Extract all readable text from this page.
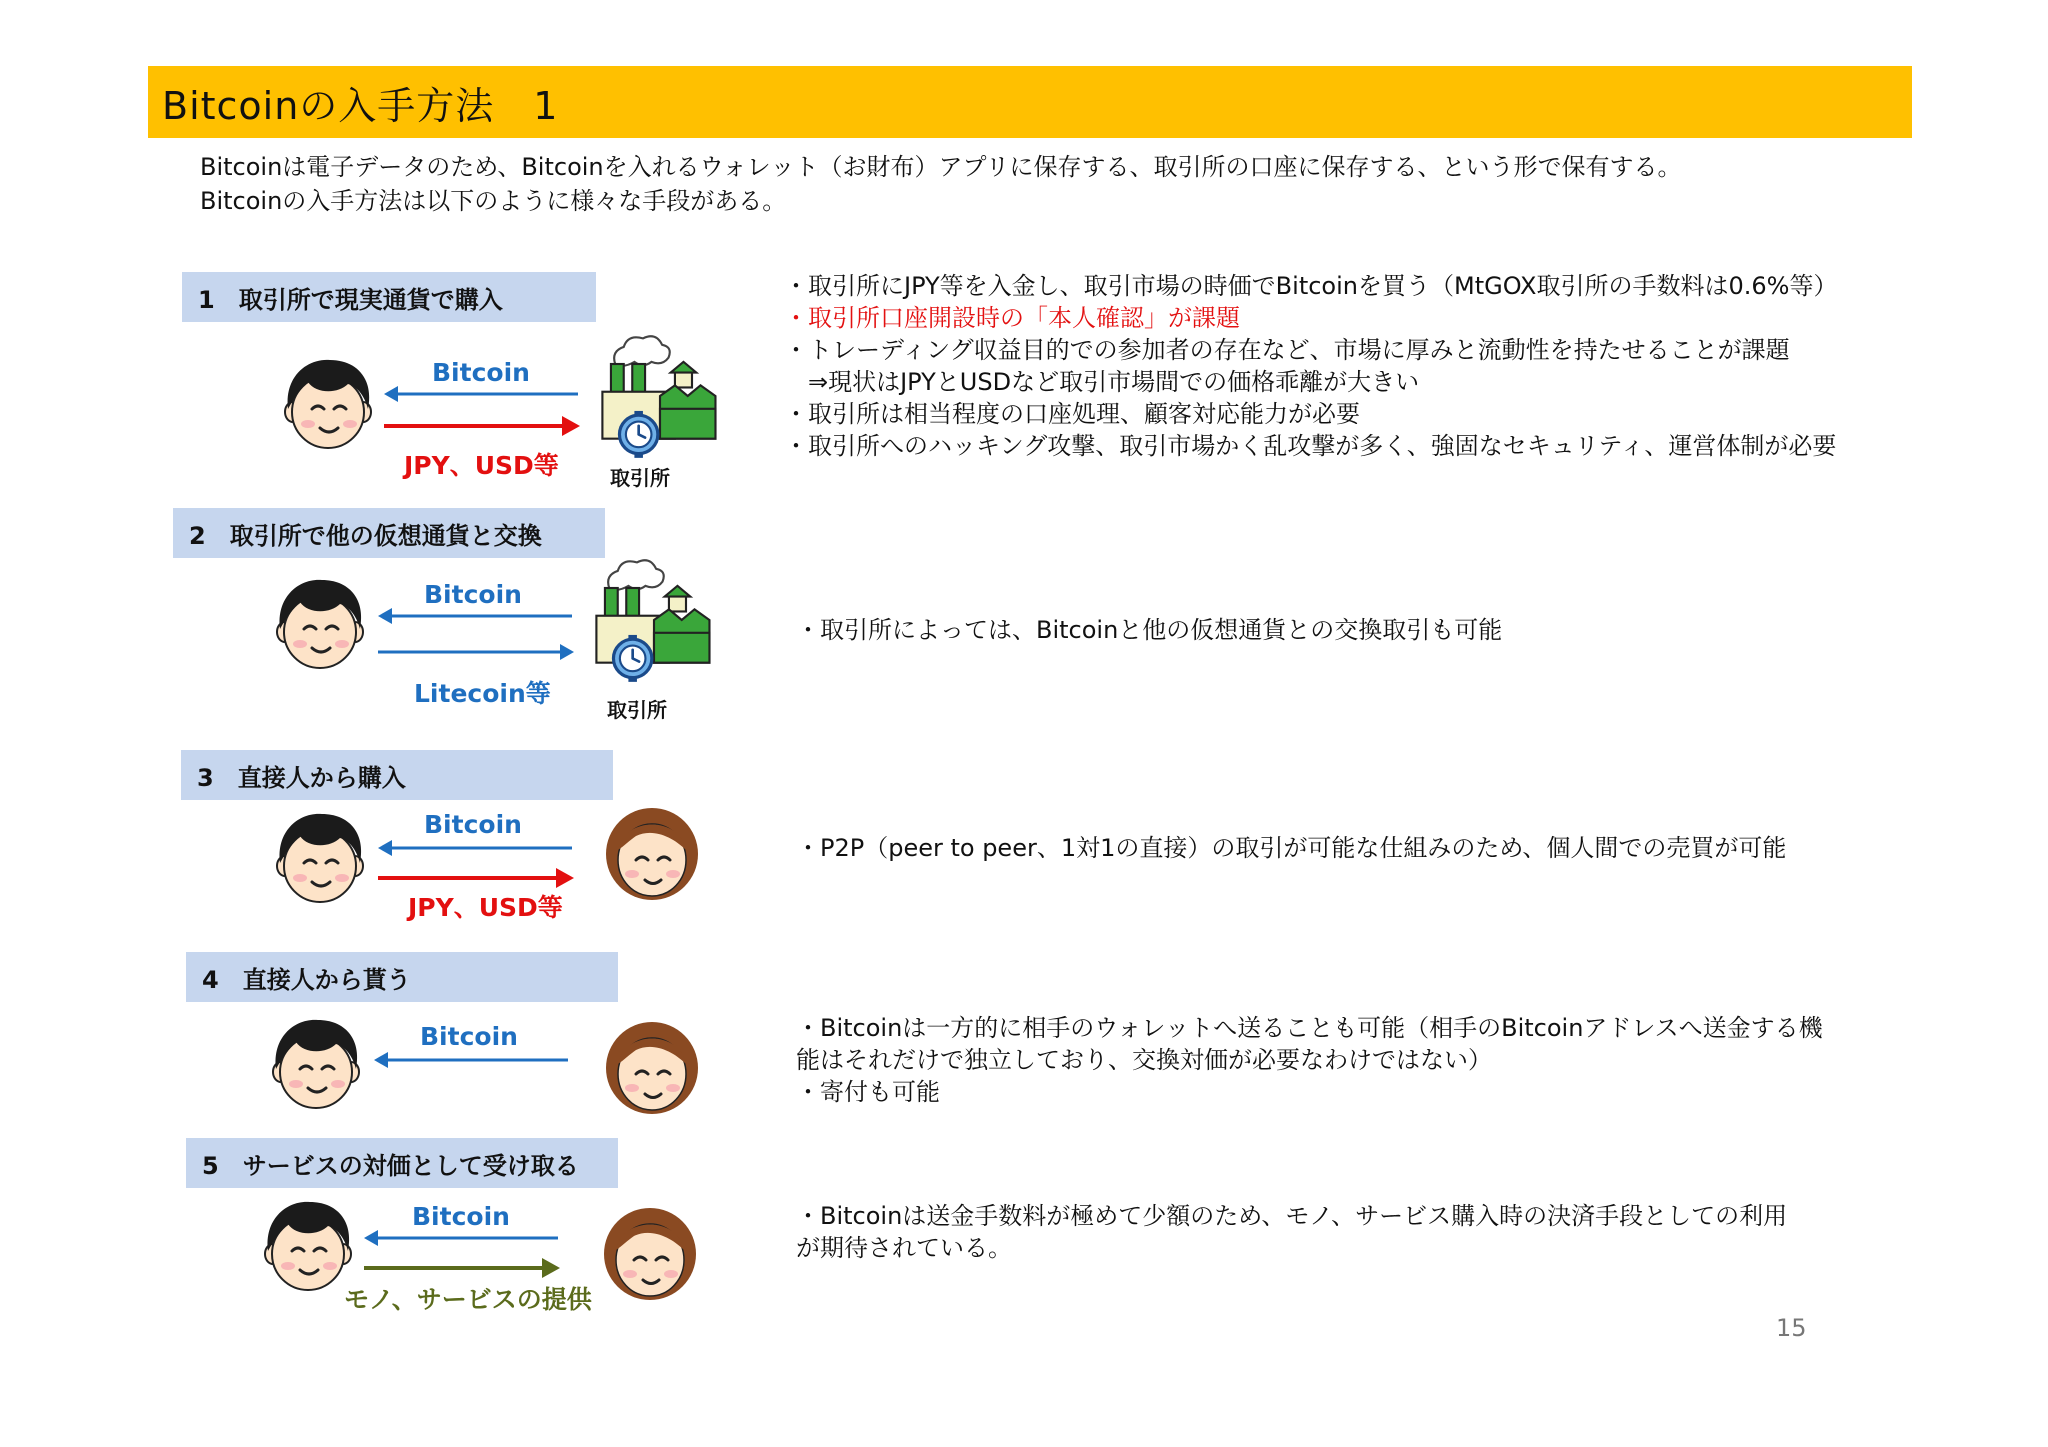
Bitcoinの入手方法　1
Bitcoinは電子データのため、Bitcoinを入れるウォレット（お財布）アプリに保存する、取引所の口座に保存する、という形で保有する。
Bitcoinの入手方法は以下のように様々な手段がある。
1　取引所で現実通貨で購入
Bitcoin
JPY、USD等	取引所
・取引所にJPY等を入金し、取引市場の時価でBitcoinを買う（MtGOX取引所の手数料は0.6%等）
・取引所口座開設時の「本人確認」が課題
・トレーディング収益目的での参加者の存在など、市場に厚みと流動性を持たせることが課題
　⇒現状はJPYとUSDなど取引市場間での価格乖離が大きい
・取引所は相当程度の口座処理、顧客対応能力が必要
・取引所へのハッキング攻撃、取引市場かく乱攻撃が多く、強固なセキュリティ、運営体制が必要
2　取引所で他の仮想通貨と交換
Bitcoin
Litecoin等
取引所
・取引所によっては、Bitcoinと他の仮想通貨との交換取引も可能
3　直接人から購入
Bitcoin
JPY、USD等
・P2P（peer to peer、1対1の直接）の取引が可能な仕組みのため、個人間での売買が可能
4　直接人から貰う
Bitcoin	・Bitcoinは一方的に相手のウォレットへ送ることも可能（相手のBitcoinアドレスへ送金する機
能はそれだけで独立しており、交換対価が必要なわけではない）
・寄付も可能
5　サービスの対価として受け取る
Bitcoin
モノ、サービスの提供
・Bitcoinは送金手数料が極めて少額のため、モノ、サービス購入時の決済手段としての利用
が期待されている。
15
